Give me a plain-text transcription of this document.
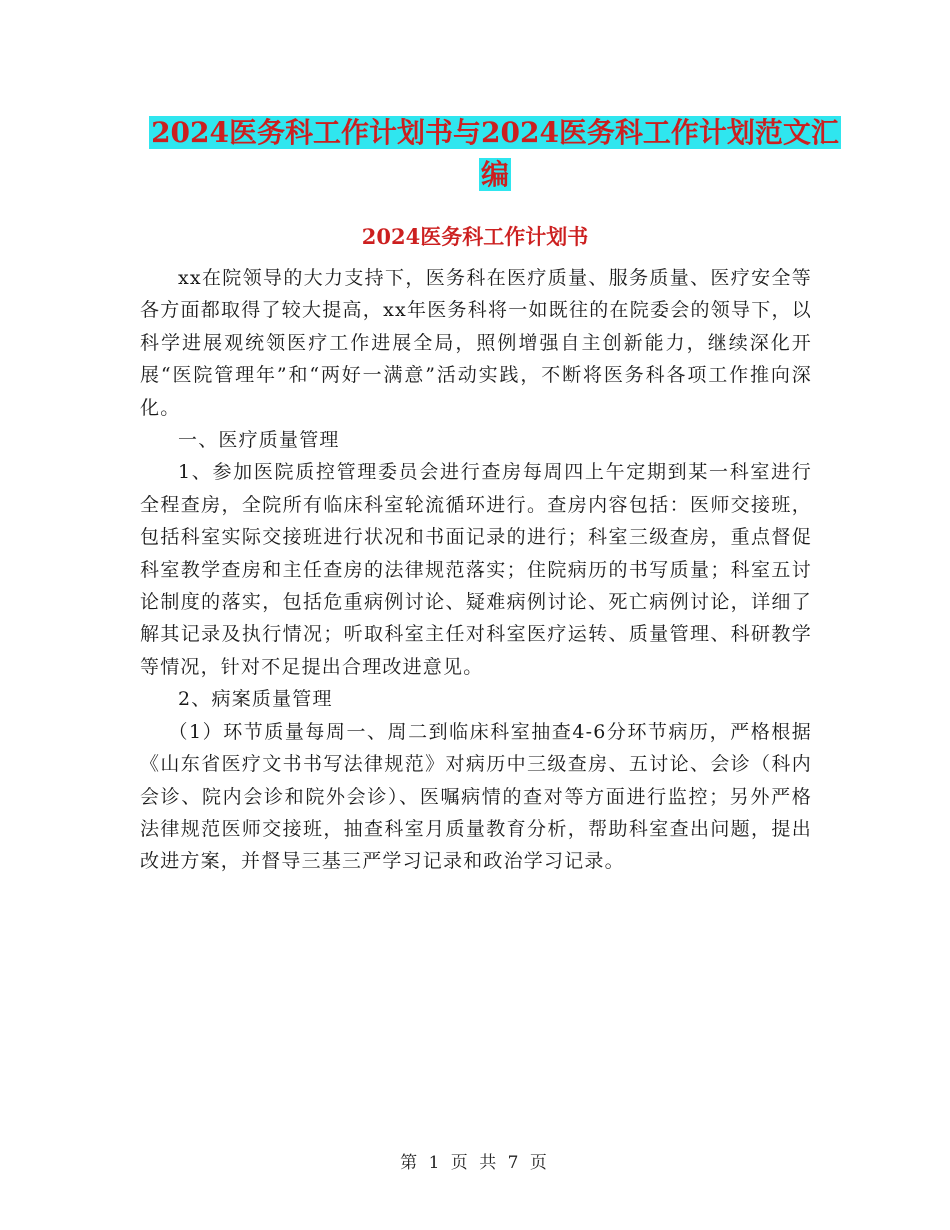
2024医务科工作计划书与2024医务科工作计划范文汇编
2024医务科工作计划书

xx在院领导的大力支持下，医务科在医疗质量、服务质量、医疗安全等各方面都取得了较大提高，xx年医务科将一如既往的在院委会的领导下，以科学进展观统领医疗工作进展全局，照例增强自主创新能力，继续深化开展“医院管理年”和“两好一满意”活动实践，不断将医务科各项工作推向深化。

一、医疗质量管理

1、参加医院质控管理委员会进行查房每周四上午定期到某一科室进行全程查房，全院所有临床科室轮流循环进行。查房内容包括：医师交接班，包括科室实际交接班进行状况和书面记录的进行；科室三级查房，重点督促科室教学查房和主任查房的法律规范落实；住院病历的书写质量；科室五讨论制度的落实，包括危重病例讨论、疑难病例讨论、死亡病例讨论，详细了解其记录及执行情况；听取科室主任对科室医疗运转、质量管理、科研教学等情况，针对不足提出合理改进意见。

2、病案质量管理

（1）环节质量每周一、周二到临床科室抽查4-6分环节病历，严格根据《山东省医疗文书书写法律规范》对病历中三级查房、五讨论、会诊（科内会诊、院内会诊和院外会诊）、医嘱病情的查对等方面进行监控；另外严格法律规范医师交接班，抽查科室月质量教育分析，帮助科室查出问题，提出改进方案，并督导三基三严学习记录和政治学习记录。

第 1 页 共 7 页
